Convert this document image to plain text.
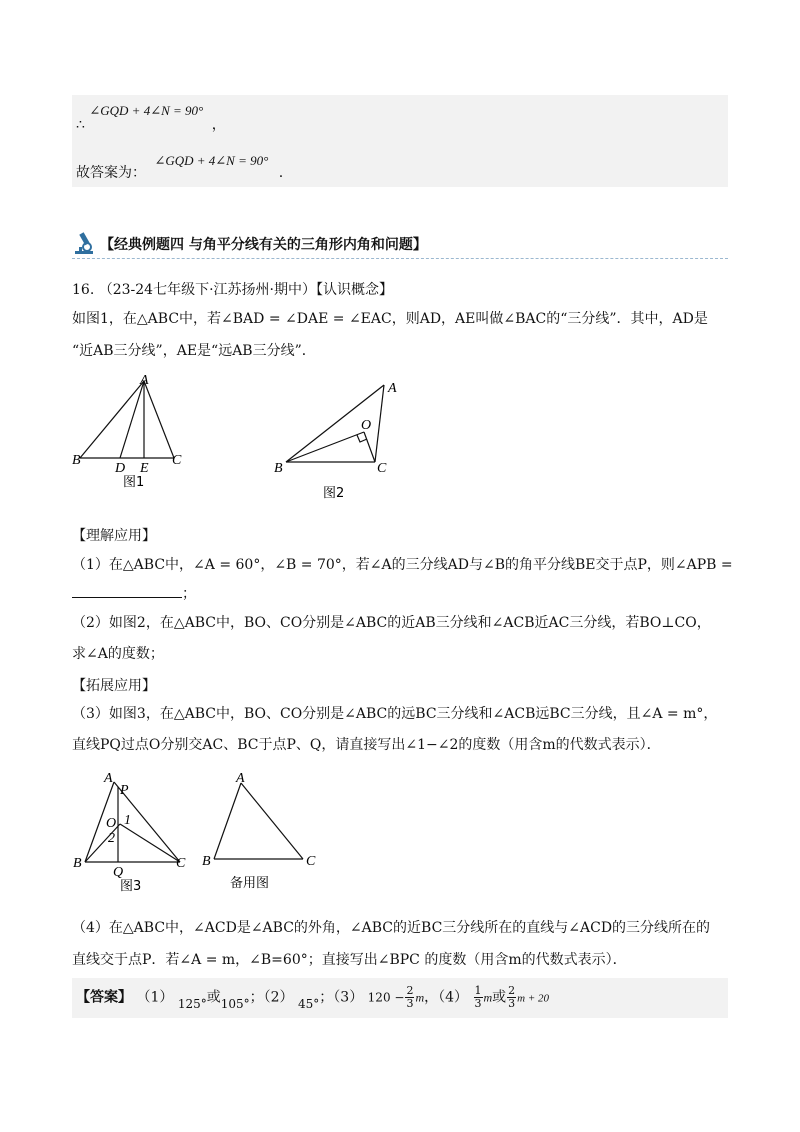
∴ ∠GQD + 4∠N = 90° ，
故答案为： ∠GQD + 4∠N = 90° .
【经典例题四 与角平分线有关的三角形内角和问题】
16. （23-24七年级下·江苏扬州·期中）【认识概念】
如图1，在△ABC中，若∠BAD = ∠DAE = ∠EAC，则AD，AE叫做∠BAC的“三分线”．其中，AD是
“近AB三分线”，AE是“远AB三分线”．
A
B	C
D E
图1
A
O
B	C
图2
【理解应用】
（1）在△ABC中，∠A = 60°，∠B = 70°，若∠A的三分线AD与∠B的角平分线BE交于点P，则∠APB =
；
（2）如图2，在△ABC中，BO、CO分别是∠ABC的近AB三分线和∠ACB近AC三分线，若BO⊥CO，
求∠A的度数；
【拓展应用】
（3）如图3，在△ABC中，BO、CO分别是∠ABC的远BC三分线和∠ACB远BC三分线，且∠A = m°，
直线PQ过点O分别交AC、BC于点P、Q，请直接写出∠1−∠2的度数（用含m的代数式表示）．
A
P
O 1
2
B
Q
C
图3
A
B	C
备用图
（4）在△ABC中，∠ACD是∠ABC的外角，∠ABC的近BC三分线所在的直线与∠ACD的三分线所在的
直线交于点P．若∠A = m，∠B=60°；直接写出∠BPC 的度数（用含m的代数式表示）．
【答案】 （1） 125°或105°；（2） 45°；（3） $120 - \frac{2}{3}$ m，$(4) \frac{1}{3}$ m或 $\frac{2}{3}$ m + 20
